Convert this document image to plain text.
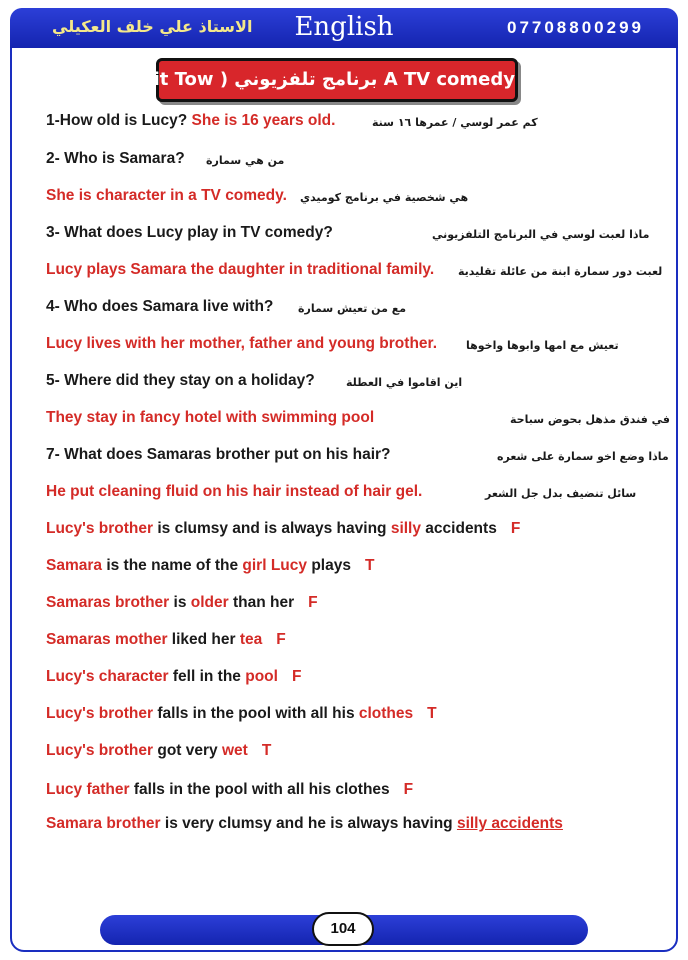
الاستاذ علي خلف العكيلي	English	07708800299
A TV comedy برنامج تلفزيوني ( unit Tow )
1-How old is Lucy? She is 16 years old.	كم عمر لوسي / عمرها ١٦ سنة
2- Who is Samara? من هي سمارة
She is character in a TV comedy. هي شخصية في برنامج كوميدي
3- What does Lucy play in TV comedy?	ماذا لعبت لوسي في البرنامج التلفزيوني
Lucy plays Samara the daughter in traditional family. لعبت دور سمارة ابنة من عائلة تقليدية
4- Who does Samara live with? مع من تعيش سمارة
Lucy lives with her mother, father and young brother.	تعيش مع امها وابوها واخوها
5- Where did they stay on a holiday?	اين اقاموا في العطلة
They stay in fancy hotel with swimming pool	في فندق مذهل بحوض سباحة
7- What does Samaras brother put on his hair?	ماذا وضع اخو سمارة على شعره
He put cleaning fluid on his hair instead of hair gel.	سائل تنضيف بدل جل الشعر
Lucy's brother is clumsy and is always having silly accidents F
Samara is the name of the girl Lucy plays T
Samaras brother is older than her F
Samaras mother liked her tea F
Lucy's character fell in the pool F
Lucy's brother falls in the pool with all his clothes T
Lucy's brother got very wet T
Lucy father falls in the pool with all his clothes F
Samara brother is very clumsy and he is always having silly accidents
104
